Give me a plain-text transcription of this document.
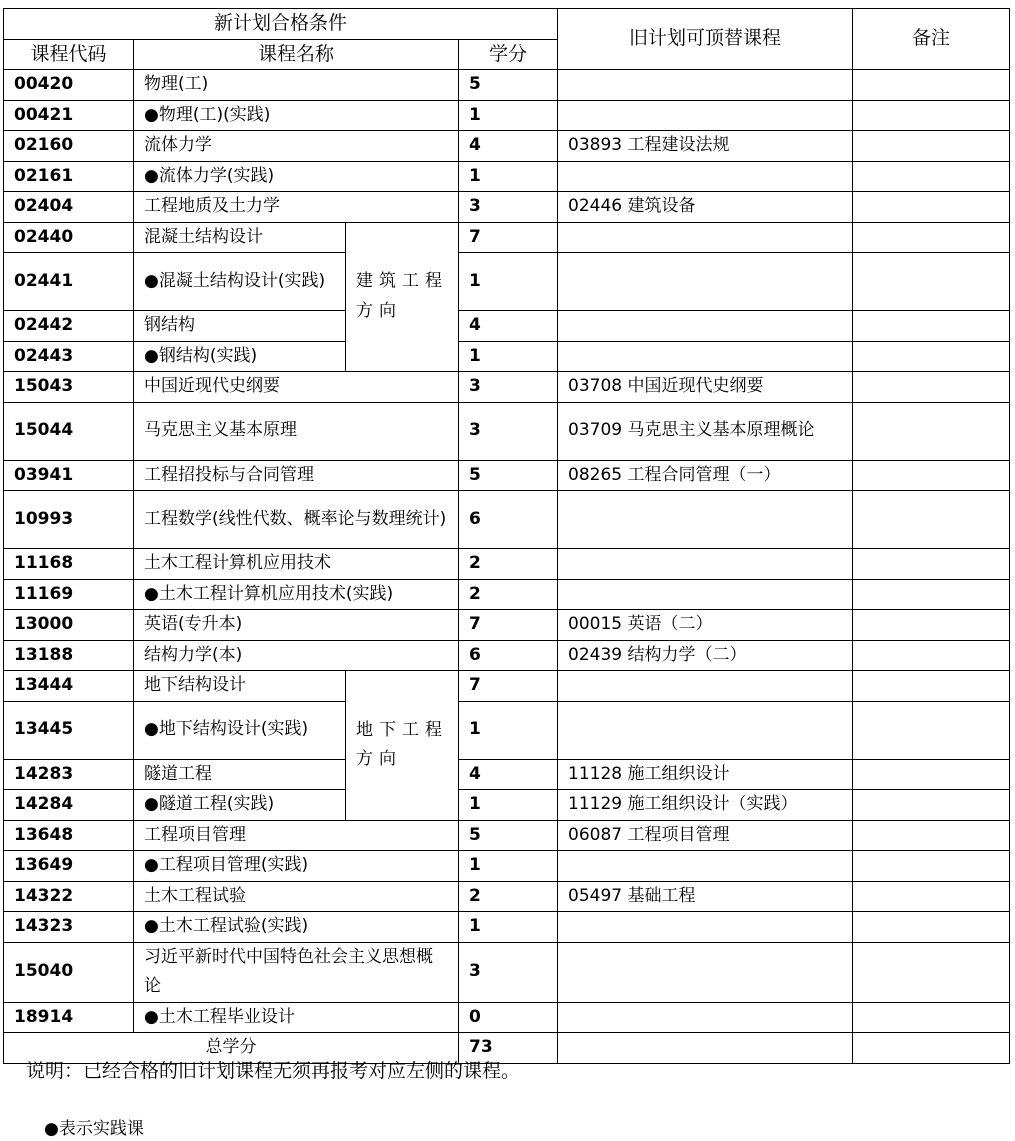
新计划合格条件				旧计划可顶替课程	备注
课程代码	课程名称		学分		
00420	物理(工)		5		
00421	●物理(工)(实践)		1		
02160	流体力学		4	03893 工程建设法规	
02161	●流体力学(实践)		1		
02404	工程地质及土力学		3	02446 建筑设备	
02440	混凝土结构设计	建筑工程方向	7		
02441	●混凝土结构设计(实践)		1		
02442	钢结构		4		
02443	●钢结构(实践)		1		
15043	中国近现代史纲要		3	03708 中国近现代史纲要	
15044	马克思主义基本原理		3	03709 马克思主义基本原理概论	
03941	工程招投标与合同管理		5	08265 工程合同管理（一）	
10993	工程数学(线性代数、概率论与数理统计)		6		
11168	土木工程计算机应用技术		2		
11169	●土木工程计算机应用技术(实践)		2		
13000	英语(专升本)		7	00015 英语（二）	
13188	结构力学(本)		6	02439 结构力学（二）	
13444	地下结构设计	地下工程方向	7		
13445	●地下结构设计(实践)		1		
14283	隧道工程		4	11128 施工组织设计	
14284	●隧道工程(实践)		1	11129 施工组织设计（实践）	
13648	工程项目管理		5	06087 工程项目管理	
13649	●工程项目管理(实践)		1		
14322	土木工程试验		2	05497 基础工程	
14323	●土木工程试验(实践)		1		
15040	习近平新时代中国特色社会主义思想概论		3		
18914	●土木工程毕业设计		0		
总学分			73		
说明：已经合格的旧计划课程无须再报考对应左侧的课程。
●表示实践课
